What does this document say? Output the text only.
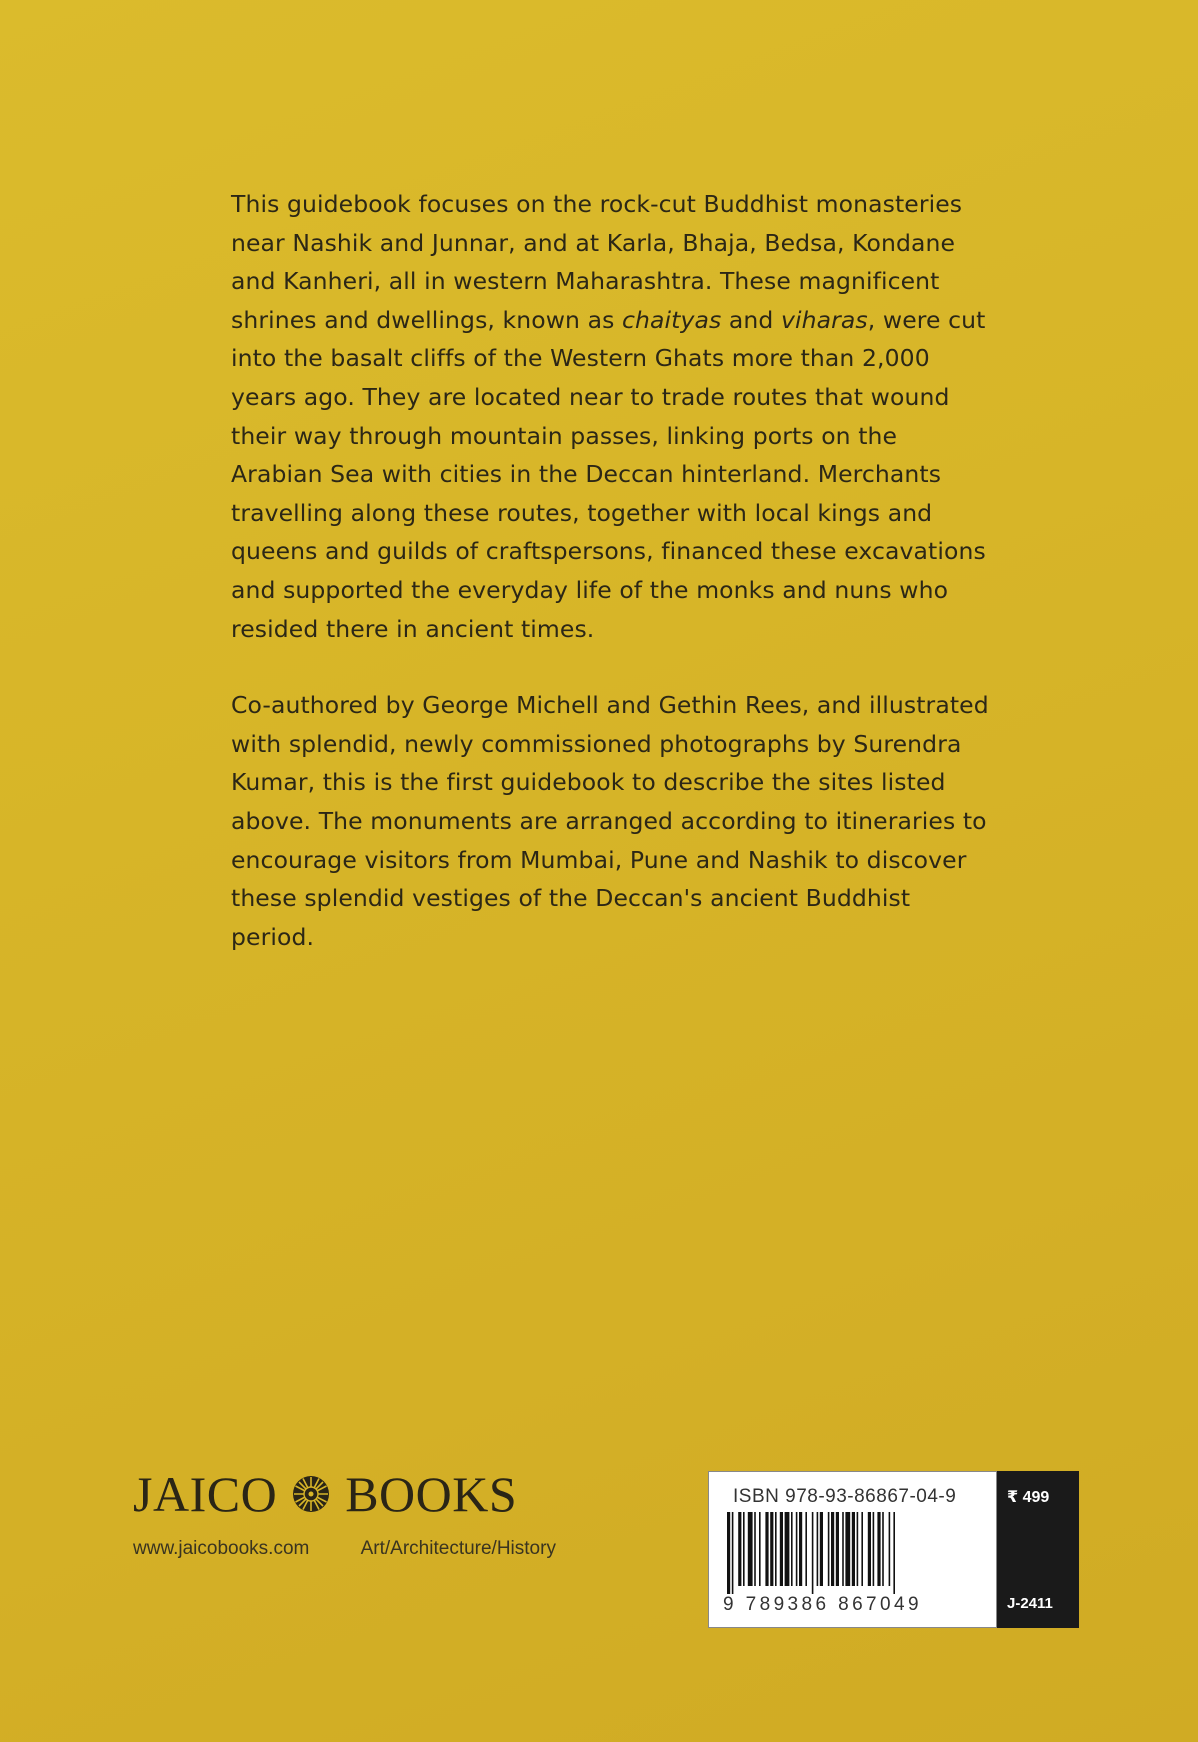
This guidebook focuses on the rock-cut Buddhist monasteries near Nashik and Junnar, and at Karla, Bhaja, Bedsa, Kondane and Kanheri, all in western Maharashtra. These magnificent shrines and dwellings, known as chaityas and viharas, were cut into the basalt cliffs of the Western Ghats more than 2,000 years ago. They are located near to trade routes that wound their way through mountain passes, linking ports on the Arabian Sea with cities in the Deccan hinterland. Merchants travelling along these routes, together with local kings and queens and guilds of craftspersons, financed these excavations and supported the everyday life of the monks and nuns who resided there in ancient times.

Co-authored by George Michell and Gethin Rees, and illustrated with splendid, newly commissioned photographs by Surendra Kumar, this is the first guidebook to describe the sites listed above. The monuments are arranged according to itineraries to encourage visitors from Mumbai, Pune and Nashik to discover these splendid vestiges of the Deccan's ancient Buddhist period.

JAICO BOOKS
www.jaicobooks.com	Art/Architecture/History
ISBN 978-93-86867-04-9
9 789386 867049
₹ 499
J-2411
